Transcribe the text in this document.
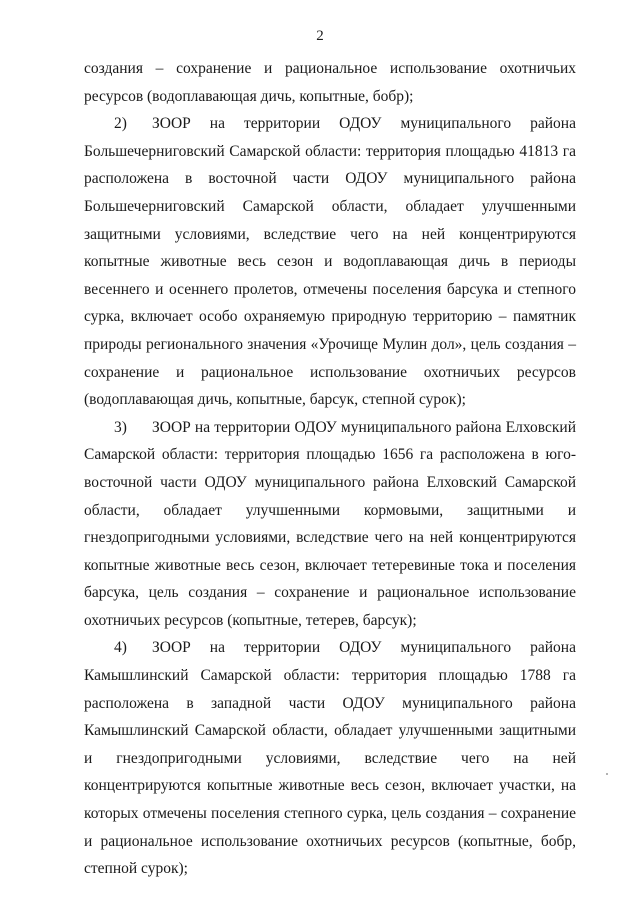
2

создания – сохранение и рациональное использование охотничьих ресурсов (водоплавающая дичь, копытные, бобр);

2) ЗООР на территории ОДОУ муниципального района Большечерниговский Самарской области: территория площадью 41813 га расположена в восточной части ОДОУ муниципального района Большечерниговский Самарской области, обладает улучшенными защитными условиями, вследствие чего на ней концентрируются копытные животные весь сезон и водоплавающая дичь в периоды весеннего и осеннего пролетов, отмечены поселения барсука и степного сурка, включает особо охраняемую природную территорию – памятник природы регионального значения «Урочище Мулин дол», цель создания – сохранение и рациональное использование охотничьих ресурсов (водоплавающая дичь, копытные, барсук, степной сурок);

3) ЗООР на территории ОДОУ муниципального района Елховский Самарской области: территория площадью 1656 га расположена в юго-восточной части ОДОУ муниципального района Елховский Самарской области, обладает улучшенными кормовыми, защитными и гнездопригодными условиями, вследствие чего на ней концентрируются копытные животные весь сезон, включает тетеревиные тока и поселения барсука, цель создания – сохранение и рациональное использование охотничьих ресурсов (копытные, тетерев, барсук);

4) ЗООР на территории ОДОУ муниципального района Камышлинский Самарской области: территория площадью 1788 га расположена в западной части ОДОУ муниципального района Камышлинский Самарской области, обладает улучшенными защитными и гнездопригодными условиями, вследствие чего на ней концентрируются копытные животные весь сезон, включает участки, на которых отмечены поселения степного сурка, цель создания – сохранение и рациональное использование охотничьих ресурсов (копытные, бобр, степной сурок);
